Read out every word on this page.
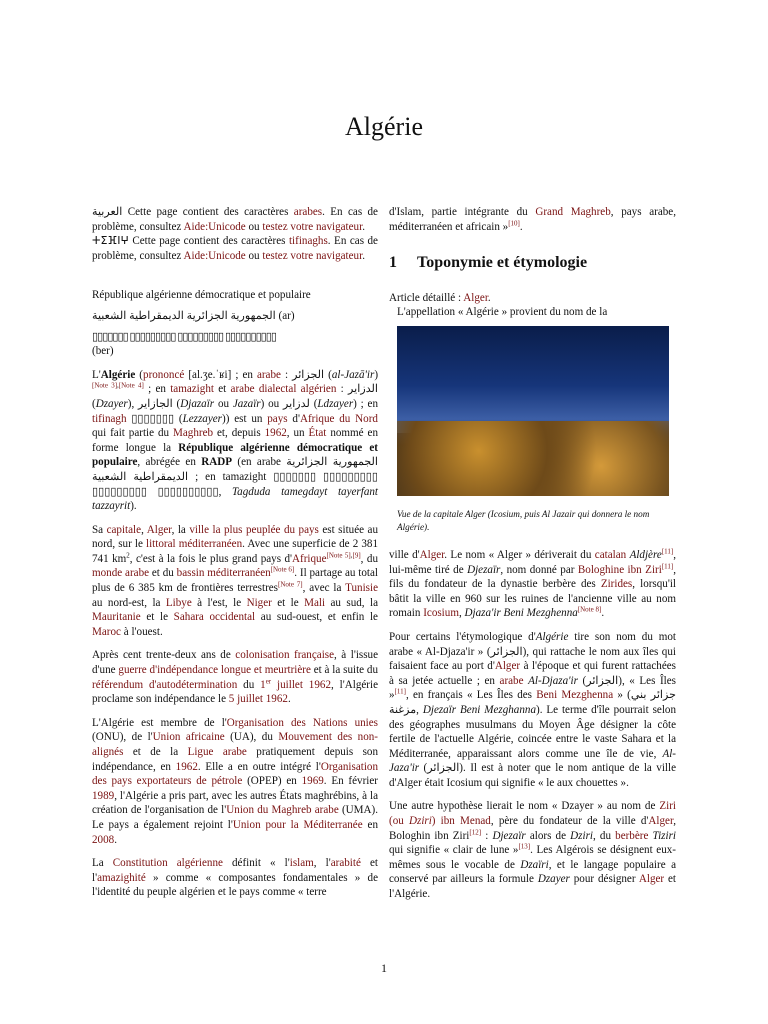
Algérie

العربية Cette page contient des caractères arabes. En cas de problème, consultez Aide:Unicode ou testez votre navigateur.

ⵜⵉⴼⵏⵖ Cette page contient des caractères tifinaghs. En cas de problème, consultez Aide:Unicode ou testez votre navigateur.

République algérienne démocratique et populaire

الجمهورية الجزائرية الديمقراطية الشعبية (ar)

▯▯▯▯▯▯▯ ▯▯▯▯▯▯▯▯▯ ▯▯▯▯▯▯▯▯▯ ▯▯▯▯▯▯▯▯▯▯

(ber)

L'Algérie (prononcé [al.ʒe.ˈʁi] ; en arabe : الجزائر (al-Jazā'ir)[Note 3],[Note 4] ; en tamazight et arabe dialectal algérien : الدزاير (Dzayer), الجازاير (Djazaïr ou Jazaïr) ou لدزاير (Ldzayer) ; en tifinagh ▯▯▯▯▯▯▯ (Lezzayer)) est un pays d'Afrique du Nord qui fait partie du Maghreb et, depuis 1962, un État nommé en forme longue la République algérienne démocratique et populaire, abrégée en RADP (en arabe الجمهورية الجزائرية الديمقراطية الشعبية ; en tamazight ▯▯▯▯▯▯▯ ▯▯▯▯▯▯▯▯▯ ▯▯▯▯▯▯▯▯▯ ▯▯▯▯▯▯▯▯▯▯, Tagduda tamegdayt tayerfant tazzayrit).

Sa capitale, Alger, la ville la plus peuplée du pays est située au nord, sur le littoral méditerranéen. Avec une superficie de 2 381 741 $km^2$, c'est à la fois le plus grand pays d'Afrique[Note 5],[9], du monde arabe et du bassin méditerranéen[Note 6]. Il partage au total plus de 6 385 km de frontières terrestres[Note 7], avec la Tunisie au nord-est, la Libye à l'est, le Niger et le Mali au sud, la Mauritanie et le Sahara occidental au sud-ouest, et enfin le Maroc à l'ouest.

Après cent trente-deux ans de colonisation française, à l'issue d'une guerre d'indépendance longue et meurtrière et à la suite du référendum d'autodétermination du 1er juillet 1962, l'Algérie proclame son indépendance le 5 juillet 1962.

L'Algérie est membre de l'Organisation des Nations unies (ONU), de l'Union africaine (UA), du Mouvement des non-alignés et de la Ligue arabe pratiquement depuis son indépendance, en 1962. Elle a en outre intégré l'Organisation des pays exportateurs de pétrole (OPEP) en 1969. En février 1989, l'Algérie a pris part, avec les autres États maghrébins, à la création de l'organisation de l'Union du Maghreb arabe (UMA). Le pays a également rejoint l'Union pour la Méditerranée en 2008.

La Constitution algérienne définit « l'islam, l'arabité et l'amazighité » comme « composantes fondamentales » de l'identité du peuple algérien et le pays comme « terre

d'Islam, partie intégrante du Grand Maghreb, pays arabe, méditerranéen et africain »[10].

1 Toponymie et étymologie

Article détaillé : Alger.

L'appellation « Algérie » provient du nom de la

Vue de la capitale Alger (Icosium, puis Al Jazair qui donnera le nom Algérie).

ville d'Alger. Le nom « Alger » dériverait du catalan Aldjère[11], lui-même tiré de Djezaïr, nom donné par Bologhine ibn Ziri[11], fils du fondateur de la dynastie berbère des Zirides, lorsqu'il bâtit la ville en 960 sur les ruines de l'ancienne ville au nom romain Icosium, Djaza'ir Beni Mezghenna[Note 8].

Pour certains l'étymologique d'Algérie tire son nom du mot arabe « Al-Djaza'ir » (الجزائر), qui rattache le nom aux îles qui faisaient face au port d'Alger à l'époque et qui furent rattachées à sa jetée actuelle ; en arabe Al-Djaza'ir (الجزائر), « Les Îles »[11], en français « Les Îles des Beni Mezghenna » (جزائر بني مزغنة, Djezaïr Beni Mezghanna). Le terme d'île pourrait selon des géographes musulmans du Moyen Âge désigner la côte fertile de l'actuelle Algérie, coincée entre le vaste Sahara et la Méditerranée, apparaissant alors comme une île de vie, Al-Jaza'ir (الجزائر). Il est à noter que le nom antique de la ville d'Alger était Icosium qui signifie « le aux chouettes ».

Une autre hypothèse lierait le nom « Dzayer » au nom de Ziri (ou Dziri) ibn Menad, père du fondateur de la ville d'Alger, Bologhin ibn Ziri[12] : Djezaïr alors de Dziri, du berbère Tiziri qui signifie « clair de lune »[13]. Les Algérois se désignent eux-mêmes sous le vocable de Dzaïri, et le langage populaire a conservé par ailleurs la formule Dzayer pour désigner Alger et l'Algérie.

1
